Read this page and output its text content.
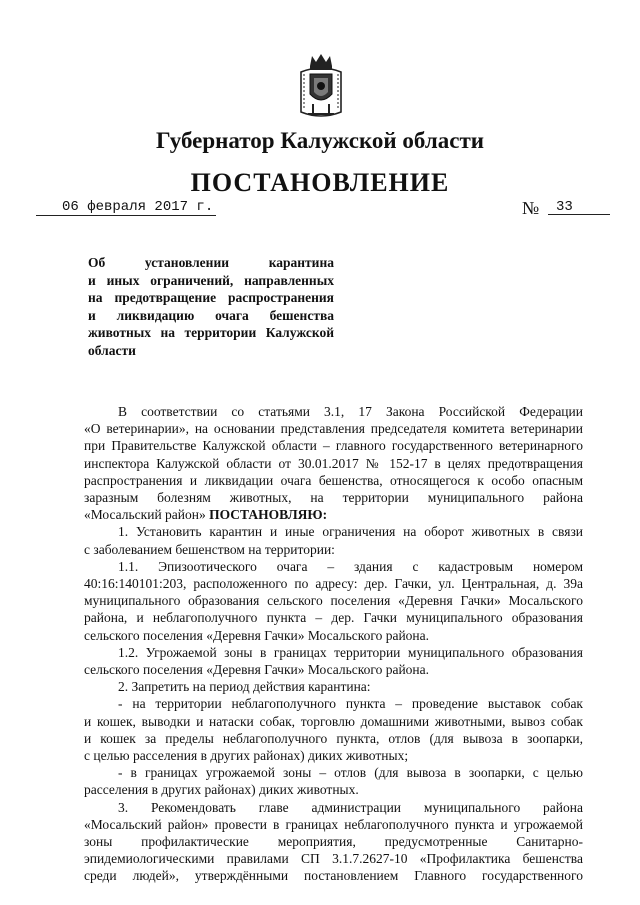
Губернатор Калужской области
ПОСТАНОВЛЕНИЕ
06 февраля 2017 г.	№ 33
Об установлении карантина
и иных ограничений, направленных
на предотвращение распространения
и ликвидацию очага бешенства
животных на территории Калужской
области
В соответствии со статьями 3.1, 17 Закона Российской Федерации
«О ветеринарии», на основании представления председателя комитета ветеринарии
при Правительстве Калужской области – главного государственного ветеринарного
инспектора Калужской области от 30.01.2017 № 152-17 в целях предотвращения
распространения и ликвидации очага бешенства, относящегося к особо опасным
заразным болезням животных, на территории муниципального района
«Мосальский район» ПОСТАНОВЛЯЮ:
1. Установить карантин и иные ограничения на оборот животных в связи
с заболеванием бешенством на территории:
1.1. Эпизоотического очага – здания с кадастровым номером
40:16:140101:203, расположенного по адресу: дер. Гачки, ул. Центральная, д. 39а
муниципального образования сельского поселения «Деревня Гачки» Мосальского
района, и неблагополучного пункта – дер. Гачки муниципального образования
сельского поселения «Деревня Гачки» Мосальского района.
1.2. Угрожаемой зоны в границах территории муниципального образования
сельского поселения «Деревня Гачки» Мосальского района.
2. Запретить на период действия карантина:
- на территории неблагополучного пункта – проведение выставок собак
и кошек, выводки и натаски собак, торговлю домашними животными, вывоз собак
и кошек за пределы неблагополучного пункта, отлов (для вывоза в зоопарки,
с целью расселения в других районах) диких животных;
- в границах угрожаемой зоны – отлов (для вывоза в зоопарки, с целью
расселения в других районах) диких животных.
3. Рекомендовать главе администрации муниципального района
«Мосальский район» провести в границах неблагополучного пункта и угрожаемой
зоны профилактические мероприятия, предусмотренные Санитарно-
эпидемиологическими правилами СП 3.1.7.2627-10 «Профилактика бешенства
среди людей», утверждёнными постановлением Главного государственного
